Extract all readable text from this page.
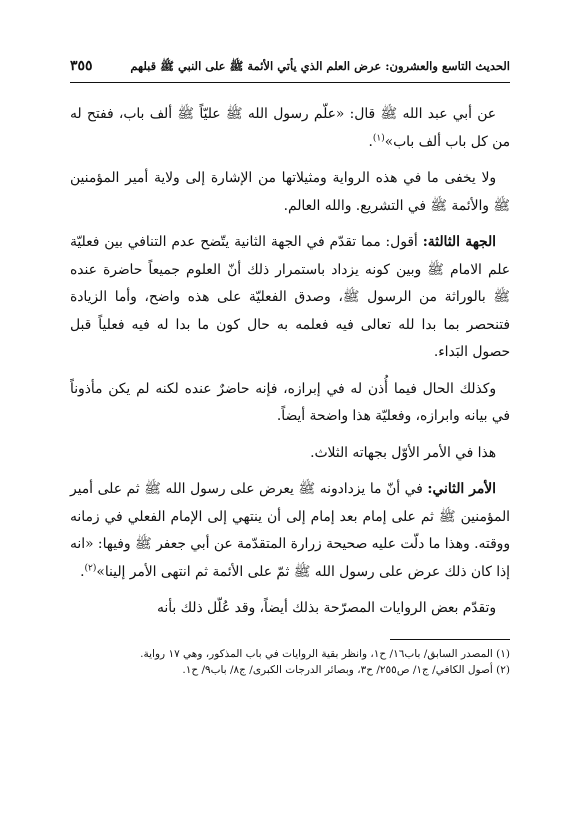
الحديث التاسع والعشرون: عرض العلم الذي يأتي الأئمة ﷺ على النبي ﷺ قبلهم
٣٥٥

عن أبي عبد الله ﷺ قال: «علّم رسول الله ﷺ عليّاً ﷺ ألف باب، ففتح له من كل باب ألف باب»$^{(١)}$.

ولا يخفى ما في هذه الرواية ومثيلاتها من الإشارة إلى ولاية أمير المؤمنين ﷺ والأئمة ﷺ في التشريع. والله العالم.

الجهة الثالثة: أقول: مما تقدّم في الجهة الثانية يتّضح عدم التنافي بين فعليّة علم الامام ﷺ وبين كونه يزداد باستمرار ذلك أنّ العلوم جميعاً حاضرة عنده ﷺ بالوراثة من الرسول ﷺ، وصدق الفعليّة على هذه واضح، وأما الزيادة فتنحصر بما بدا لله تعالى فيه فعلمه به حال كون ما بدا له فيه فعلياً قبل حصول البَداء.

وكذلك الحال فيما أُذن له في إبرازه، فإنه حاضرٌ عنده لكنه لم يكن مأذوناً في بيانه وابرازه، وفعليّة هذا واضحة أيضاً.

هذا في الأمر الأوّل بجهاته الثلاث.

الأمر الثاني: في أنّ ما يزدادونه ﷺ يعرض على رسول الله ﷺ ثم على أمير المؤمنين ﷺ ثم على إمام بعد إمام إلى أن ينتهي إلى الإمام الفعلي في زمانه ووقته. وهذا ما دلّت عليه صحيحة زرارة المتقدّمة عن أبي جعفر ﷺ وفيها: «انه إذا كان ذلك عرض على رسول الله ﷺ ثمّ على الأئمة ثم انتهى الأمر إلينا»$^{(٢)}$.

وتقدّم بعض الروايات المصرّحة بذلك أيضاً، وقد عُلّل ذلك بأنه

(١) المصدر السابق/ باب١٦/ ح١، وانظر بقية الروايات في باب المذكور، وهي ١٧ رواية.

(٢) أصول الكافي/ ج١/ ص٢٥٥/ ح٣، وبصائر الدرجات الكبرى/ ج٨/ باب٩/ ح١.
